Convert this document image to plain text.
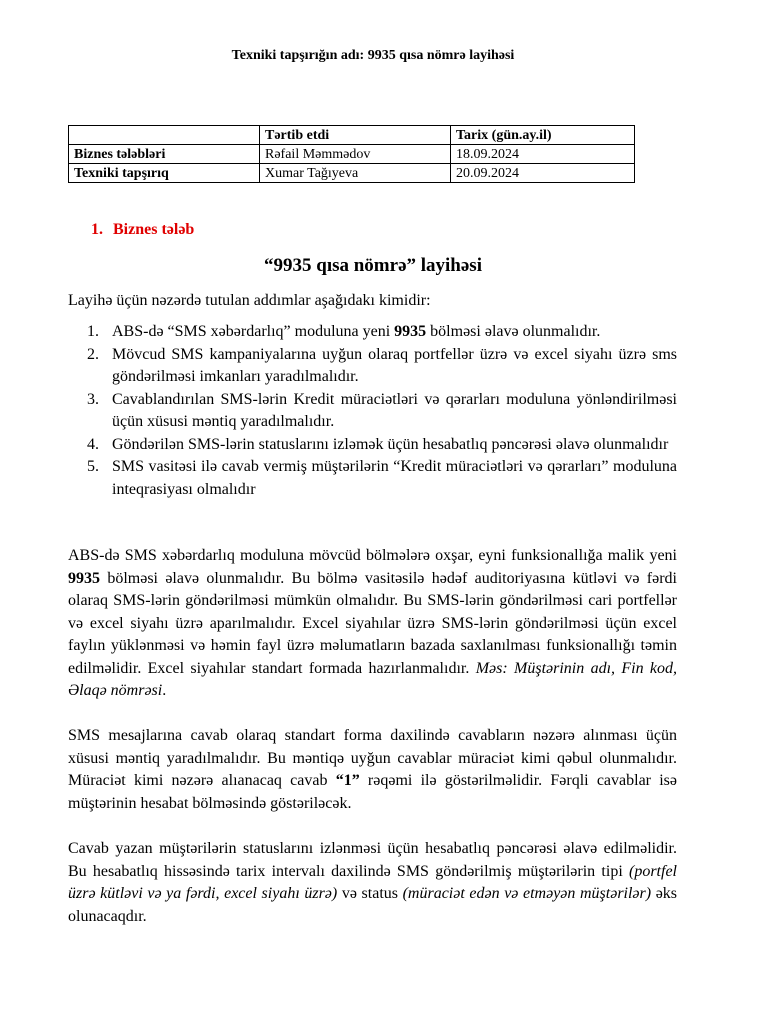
Texniki tapşırığın adı: 9935 qısa nömrə layihəsi
	Tərtib etdi	Tarix (gün.ay.il)
Biznes tələbləri	Rəfail Məmmədov	18.09.2024
Texniki tapşırıq	Xumar Tağıyeva	20.09.2024
1. Biznes tələb
“9935 qısa nömrə” layihəsi
Layihə üçün nəzərdə tutulan addımlar aşağıdakı kimidir:
1. ABS-də “SMS xəbərdarlıq” moduluna yeni 9935 bölməsi əlavə olunmalıdır.
2. Mövcud SMS kampaniyalarına uyğun olaraq portfellər üzrə və excel siyahı üzrə sms göndərilməsi imkanları yaradılmalıdır.
3. Cavablandırılan SMS-lərin Kredit müraciətləri və qərarları moduluna yönləndirilməsi üçün xüsusi məntiq yaradılmalıdır.
4. Göndərilən SMS-lərin statuslarını izləmək üçün hesabatlıq pəncərəsi əlavə olunmalıdır
5. SMS vasitəsi ilə cavab vermiş müştərilərin “Kredit müraciətləri və qərarları” moduluna inteqrasiyası olmalıdır
ABS-də SMS xəbərdarlıq moduluna mövcüd bölmələrə oxşar, eyni funksionallığa malik yeni 9935 bölməsi əlavə olunmalıdır. Bu bölmə vasitəsilə hədəf auditoriyasına kütləvi və fərdi olaraq SMS-lərin göndərilməsi mümkün olmalıdır. Bu SMS-lərin göndərilməsi cari portfellər və excel siyahı üzrə aparılmalıdır. Excel siyahılar üzrə SMS-lərin göndərilməsi üçün excel faylın yüklənməsi və həmin fayl üzrə məlumatların bazada saxlanılması funksionallığı təmin edilməlidir. Excel siyahılar standart formada hazırlanmalıdır. Məs: Müştərinin adı, Fin kod, Əlaqə nömrəsi.
SMS mesajlarına cavab olaraq standart forma daxilində cavabların nəzərə alınması üçün xüsusi məntiq yaradılmalıdır. Bu məntiqə uyğun cavablar müraciət kimi qəbul olunmalıdır. Müraciət kimi nəzərə alıanacaq cavab “1” rəqəmi ilə göstərilməlidir. Fərqli cavablar isə müştərinin hesabat bölməsində göstəriləcək.
Cavab yazan müştərilərin statuslarını izlənməsi üçün hesabatlıq pəncərəsi əlavə edilməlidir. Bu hesabatlıq hissəsində tarix intervalı daxilində SMS göndərilmiş müştərilərin tipi (portfel üzrə kütləvi və ya fərdi, excel siyahı üzrə) və status (müraciət edən və etməyən müştərilər) əks olunacaqdır.
